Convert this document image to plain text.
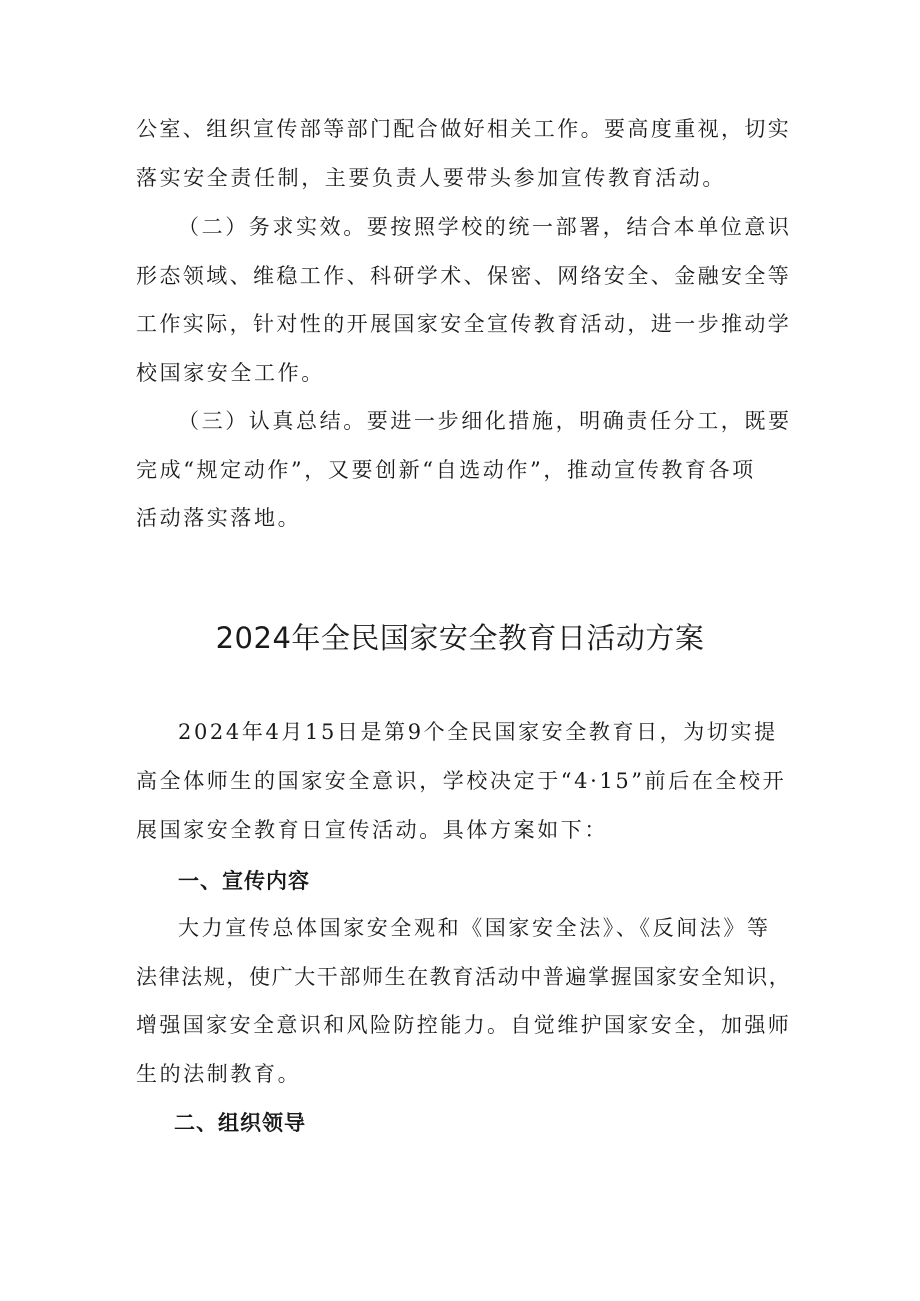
公室、组织宣传部等部门配合做好相关工作。要高度重视，切实

落实安全责任制，主要负责人要带头参加宣传教育活动。

（二）务求实效。要按照学校的统一部署，结合本单位意识

形态领域、维稳工作、科研学术、保密、网络安全、金融安全等

工作实际，针对性的开展国家安全宣传教育活动，进一步推动学

校国家安全工作。

（三）认真总结。要进一步细化措施，明确责任分工，既要

完成“规定动作”，又要创新“自选动作”，推动宣传教育各项

活动落实落地。

2024年全民国家安全教育日活动方案

2024年4月15日是第9个全民国家安全教育日，为切实提

高全体师生的国家安全意识，学校决定于“4·15”前后在全校开

展国家安全教育日宣传活动。具体方案如下：

一、宣传内容

大力宣传总体国家安全观和《国家安全法》、《反间法》等

法律法规，使广大干部师生在教育活动中普遍掌握国家安全知识，

增强国家安全意识和风险防控能力。自觉维护国家安全，加强师

生的法制教育。

二、组织领导
